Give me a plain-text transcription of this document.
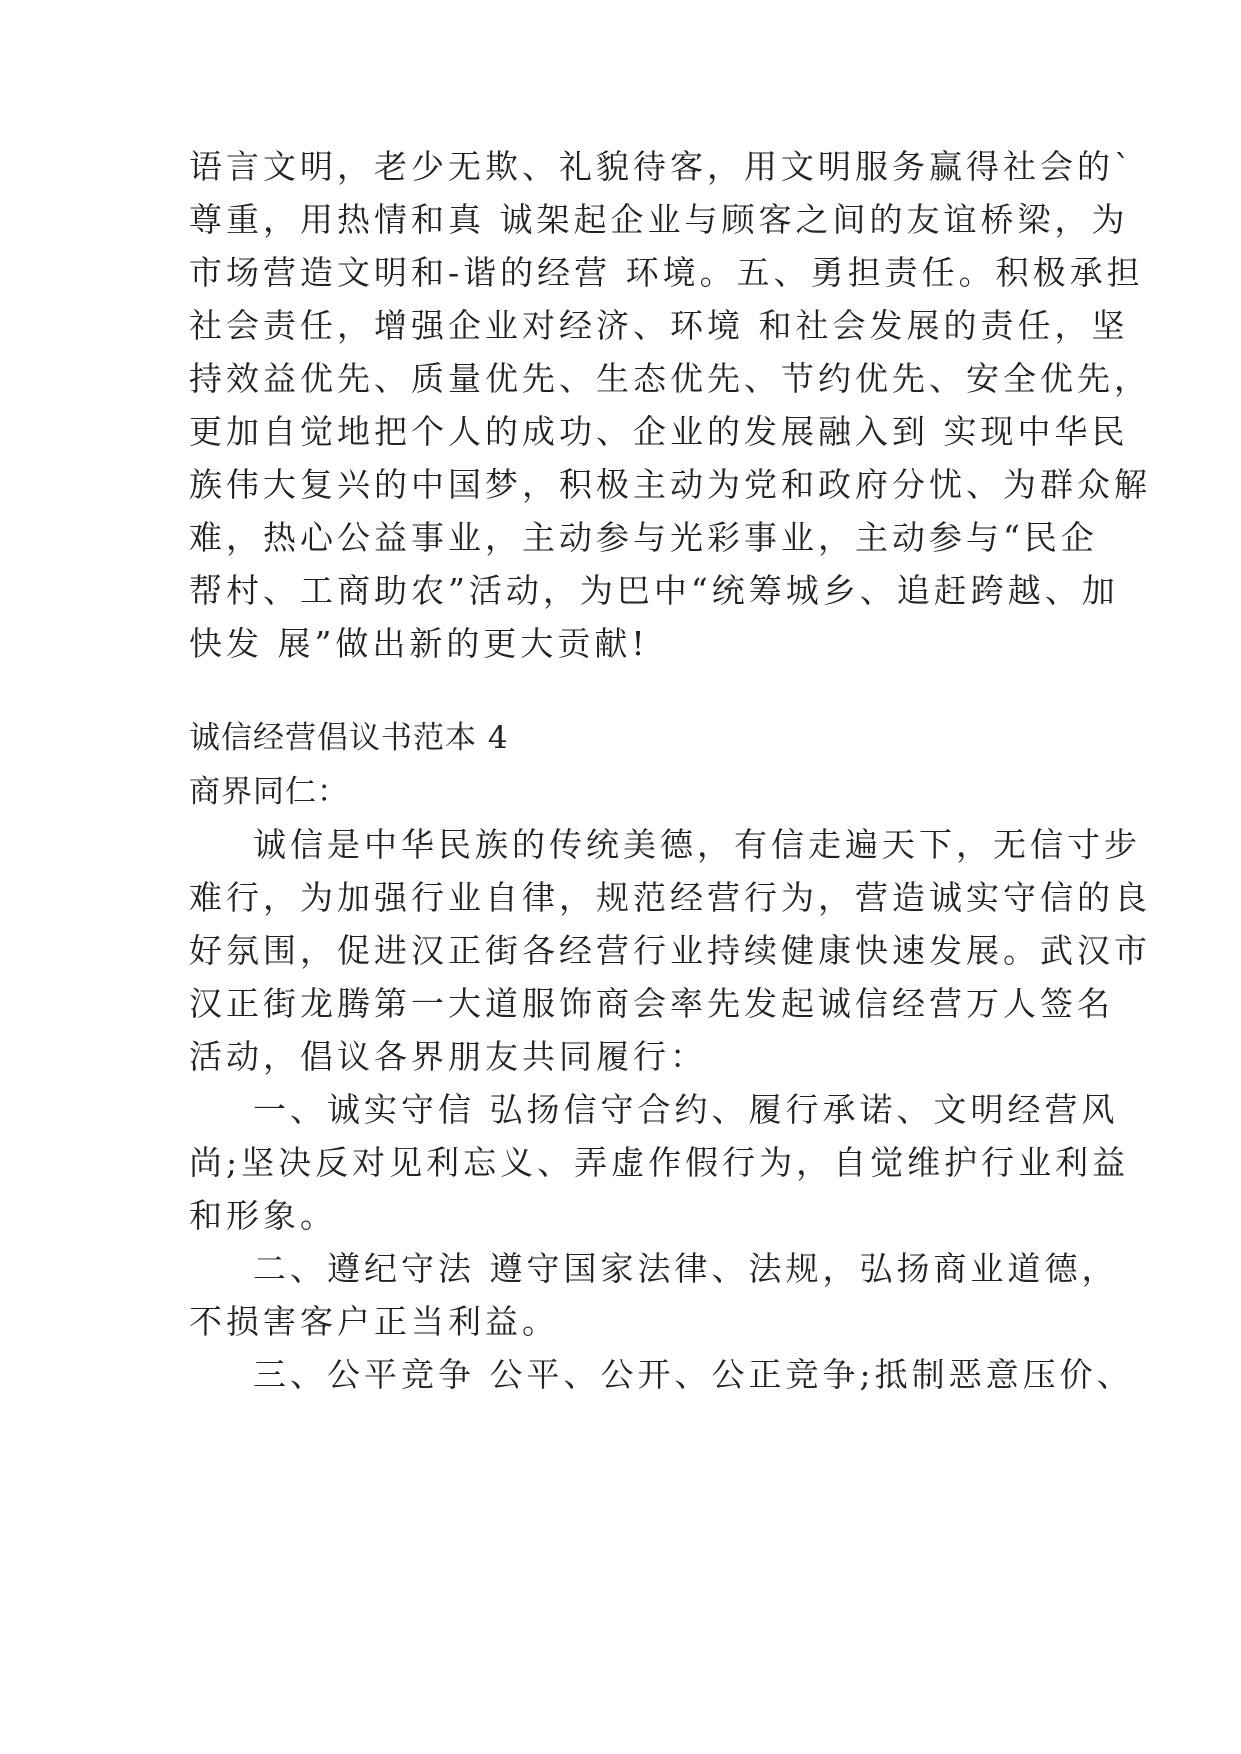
语言文明，老少无欺、礼貌待客，用文明服务赢得社会的`
尊重，用热情和真 诚架起企业与顾客之间的友谊桥梁，为
市场营造文明和-谐的经营 环境。五、勇担责任。积极承担
社会责任，增强企业对经济、环境 和社会发展的责任，坚
持效益优先、质量优先、生态优先、节约优先、安全优先，
更加自觉地把个人的成功、企业的发展融入到 实现中华民
族伟大复兴的中国梦，积极主动为党和政府分忧、为群众解
难，热心公益事业，主动参与光彩事业，主动参与“民企
帮村、工商助农”活动，为巴中“统筹城乡、追赶跨越、加
快发 展”做出新的更大贡献!
诚信经营倡议书范本 4
商界同仁：
诚信是中华民族的传统美德，有信走遍天下，无信寸步
难行，为加强行业自律，规范经营行为，营造诚实守信的良
好氛围，促进汉正街各经营行业持续健康快速发展。武汉市
汉正街龙腾第一大道服饰商会率先发起诚信经营万人签名
活动，倡议各界朋友共同履行：
一、诚实守信 弘扬信守合约、履行承诺、文明经营风
尚;坚决反对见利忘义、弄虚作假行为，自觉维护行业利益
和形象。
二、遵纪守法 遵守国家法律、法规，弘扬商业道德，
不损害客户正当利益。
三、公平竞争 公平、公开、公正竞争;抵制恶意压价、
